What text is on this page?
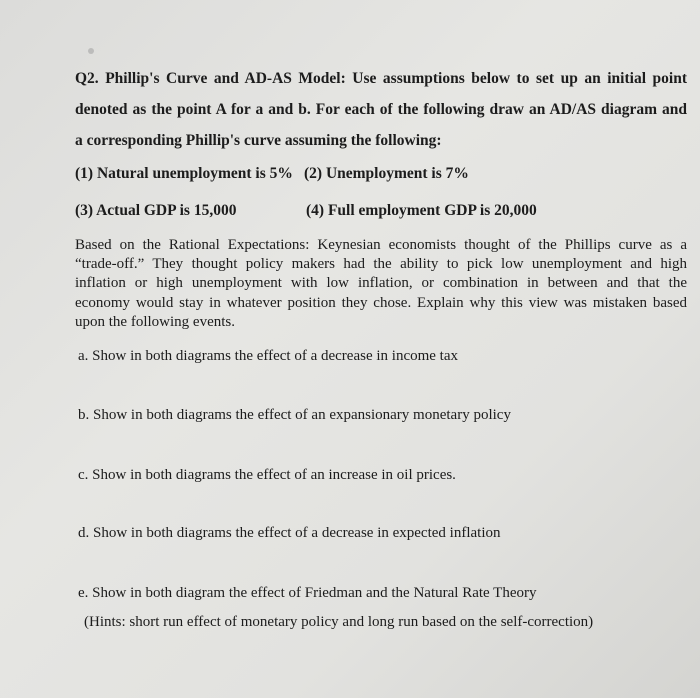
Q2. Phillip's Curve and AD-AS Model: Use assumptions below to set up an initial point
denoted as the point A for a and b. For each of the following draw an AD/AS diagram and
a corresponding Phillip's curve assuming the following:
(1) Natural unemployment is 5% (2) Unemployment is 7%
(3) Actual GDP is 15,000	(4) Full employment GDP is 20,000
Based on the Rational Expectations: Keynesian economists thought of the Phillips curve as a
“trade-off.” They thought policy makers had the ability to pick low unemployment and high
inflation or high unemployment with low inflation, or combination in between and that the
economy would stay in whatever position they chose. Explain why this view was mistaken based
upon the following events.
a. Show in both diagrams the effect of a decrease in income tax
b. Show in both diagrams the effect of an expansionary monetary policy
c. Show in both diagrams the effect of an increase in oil prices.
d. Show in both diagrams the effect of a decrease in expected inflation
e. Show in both diagram the effect of Friedman and the Natural Rate Theory
(Hints: short run effect of monetary policy and long run based on the self-correction)
